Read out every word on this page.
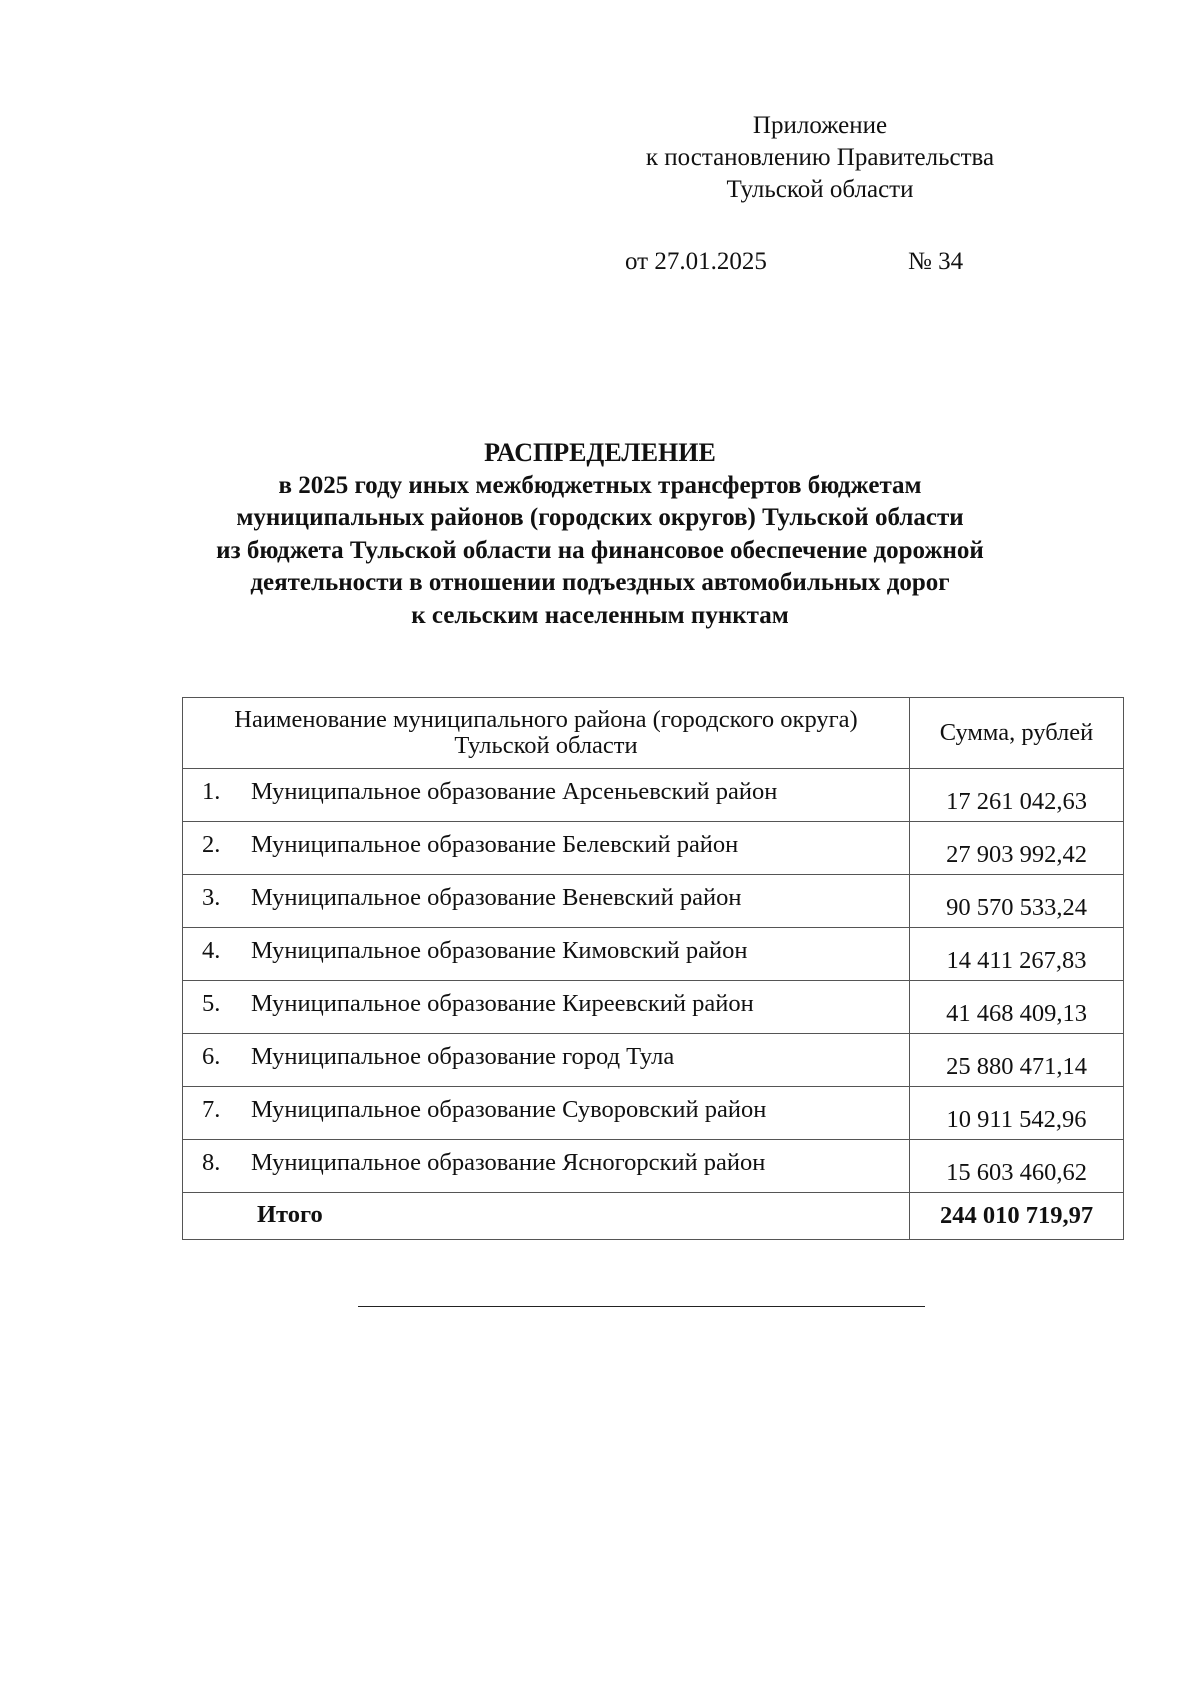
Приложение
к постановлению Правительства
Тульской области
от 27.01.2025	№ 34
РАСПРЕДЕЛЕНИЕ
в 2025 году иных межбюджетных трансфертов бюджетам
муниципальных районов (городских округов) Тульской области
из бюджета Тульской области на финансовое обеспечение дорожной
деятельности в отношении подъездных автомобильных дорог
к сельским населенным пунктам
Наименование муниципального района (городского округа)
Тульской области	Сумма, рублей

1. Муниципальное образование Арсеньевский район	17 261 042,63

2. Муниципальное образование Белевский район	27 903 992,42

3. Муниципальное образование Веневский район	90 570 533,24

4. Муниципальное образование Кимовский район	14 411 267,83

5. Муниципальное образование Киреевский район	41 468 409,13

6. Муниципальное образование город Тула	25 880 471,14

7. Муниципальное образование Суворовский район	10 911 542,96

8. Муниципальное образование Ясногорский район	15 603 460,62

Итого	244 010 719,97
